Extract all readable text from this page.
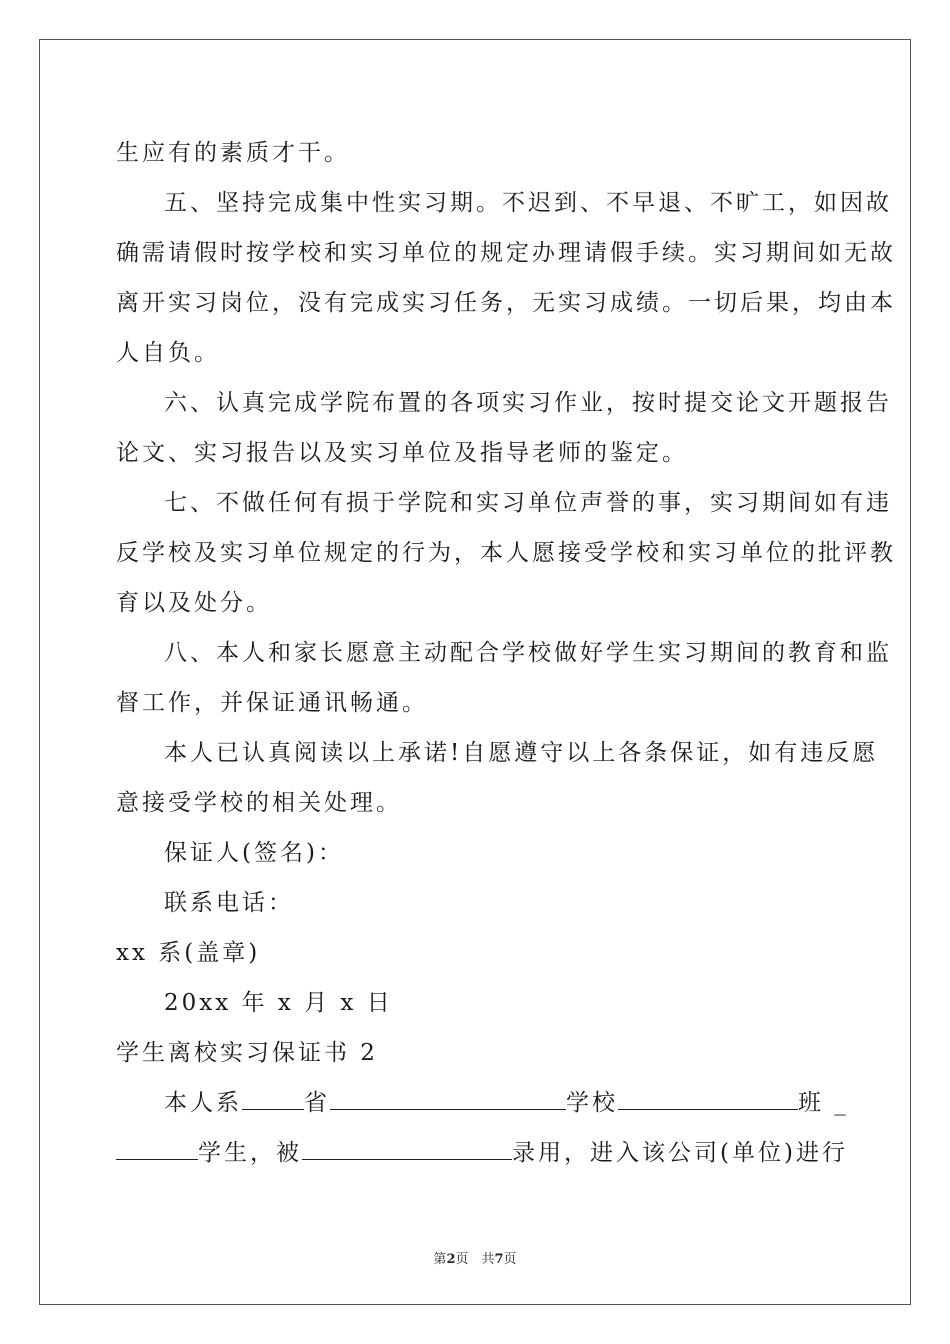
生应有的素质才干。
五、坚持完成集中性实习期。不迟到、不早退、不旷工，如因故
确需请假时按学校和实习单位的规定办理请假手续。实习期间如无故
离开实习岗位，没有完成实习任务，无实习成绩。一切后果，均由本
人自负。
六、认真完成学院布置的各项实习作业，按时提交论文开题报告
论文、实习报告以及实习单位及指导老师的鉴定。
七、不做任何有损于学院和实习单位声誉的事，实习期间如有违
反学校及实习单位规定的行为，本人愿接受学校和实习单位的批评教
育以及处分。
八、本人和家长愿意主动配合学校做好学生实习期间的教育和监
督工作，并保证通讯畅通。
本人已认真阅读以上承诺!自愿遵守以上各条保证，如有违反愿
意接受学校的相关处理。
保证人(签名)：
联系电话：
xx 系(盖章)
20xx 年 x 月 x 日
学生离校实习保证书 2
本人系	省	学校	班 _
学生，被	录用，进入该公司(单位)进行
第2页　共7页
